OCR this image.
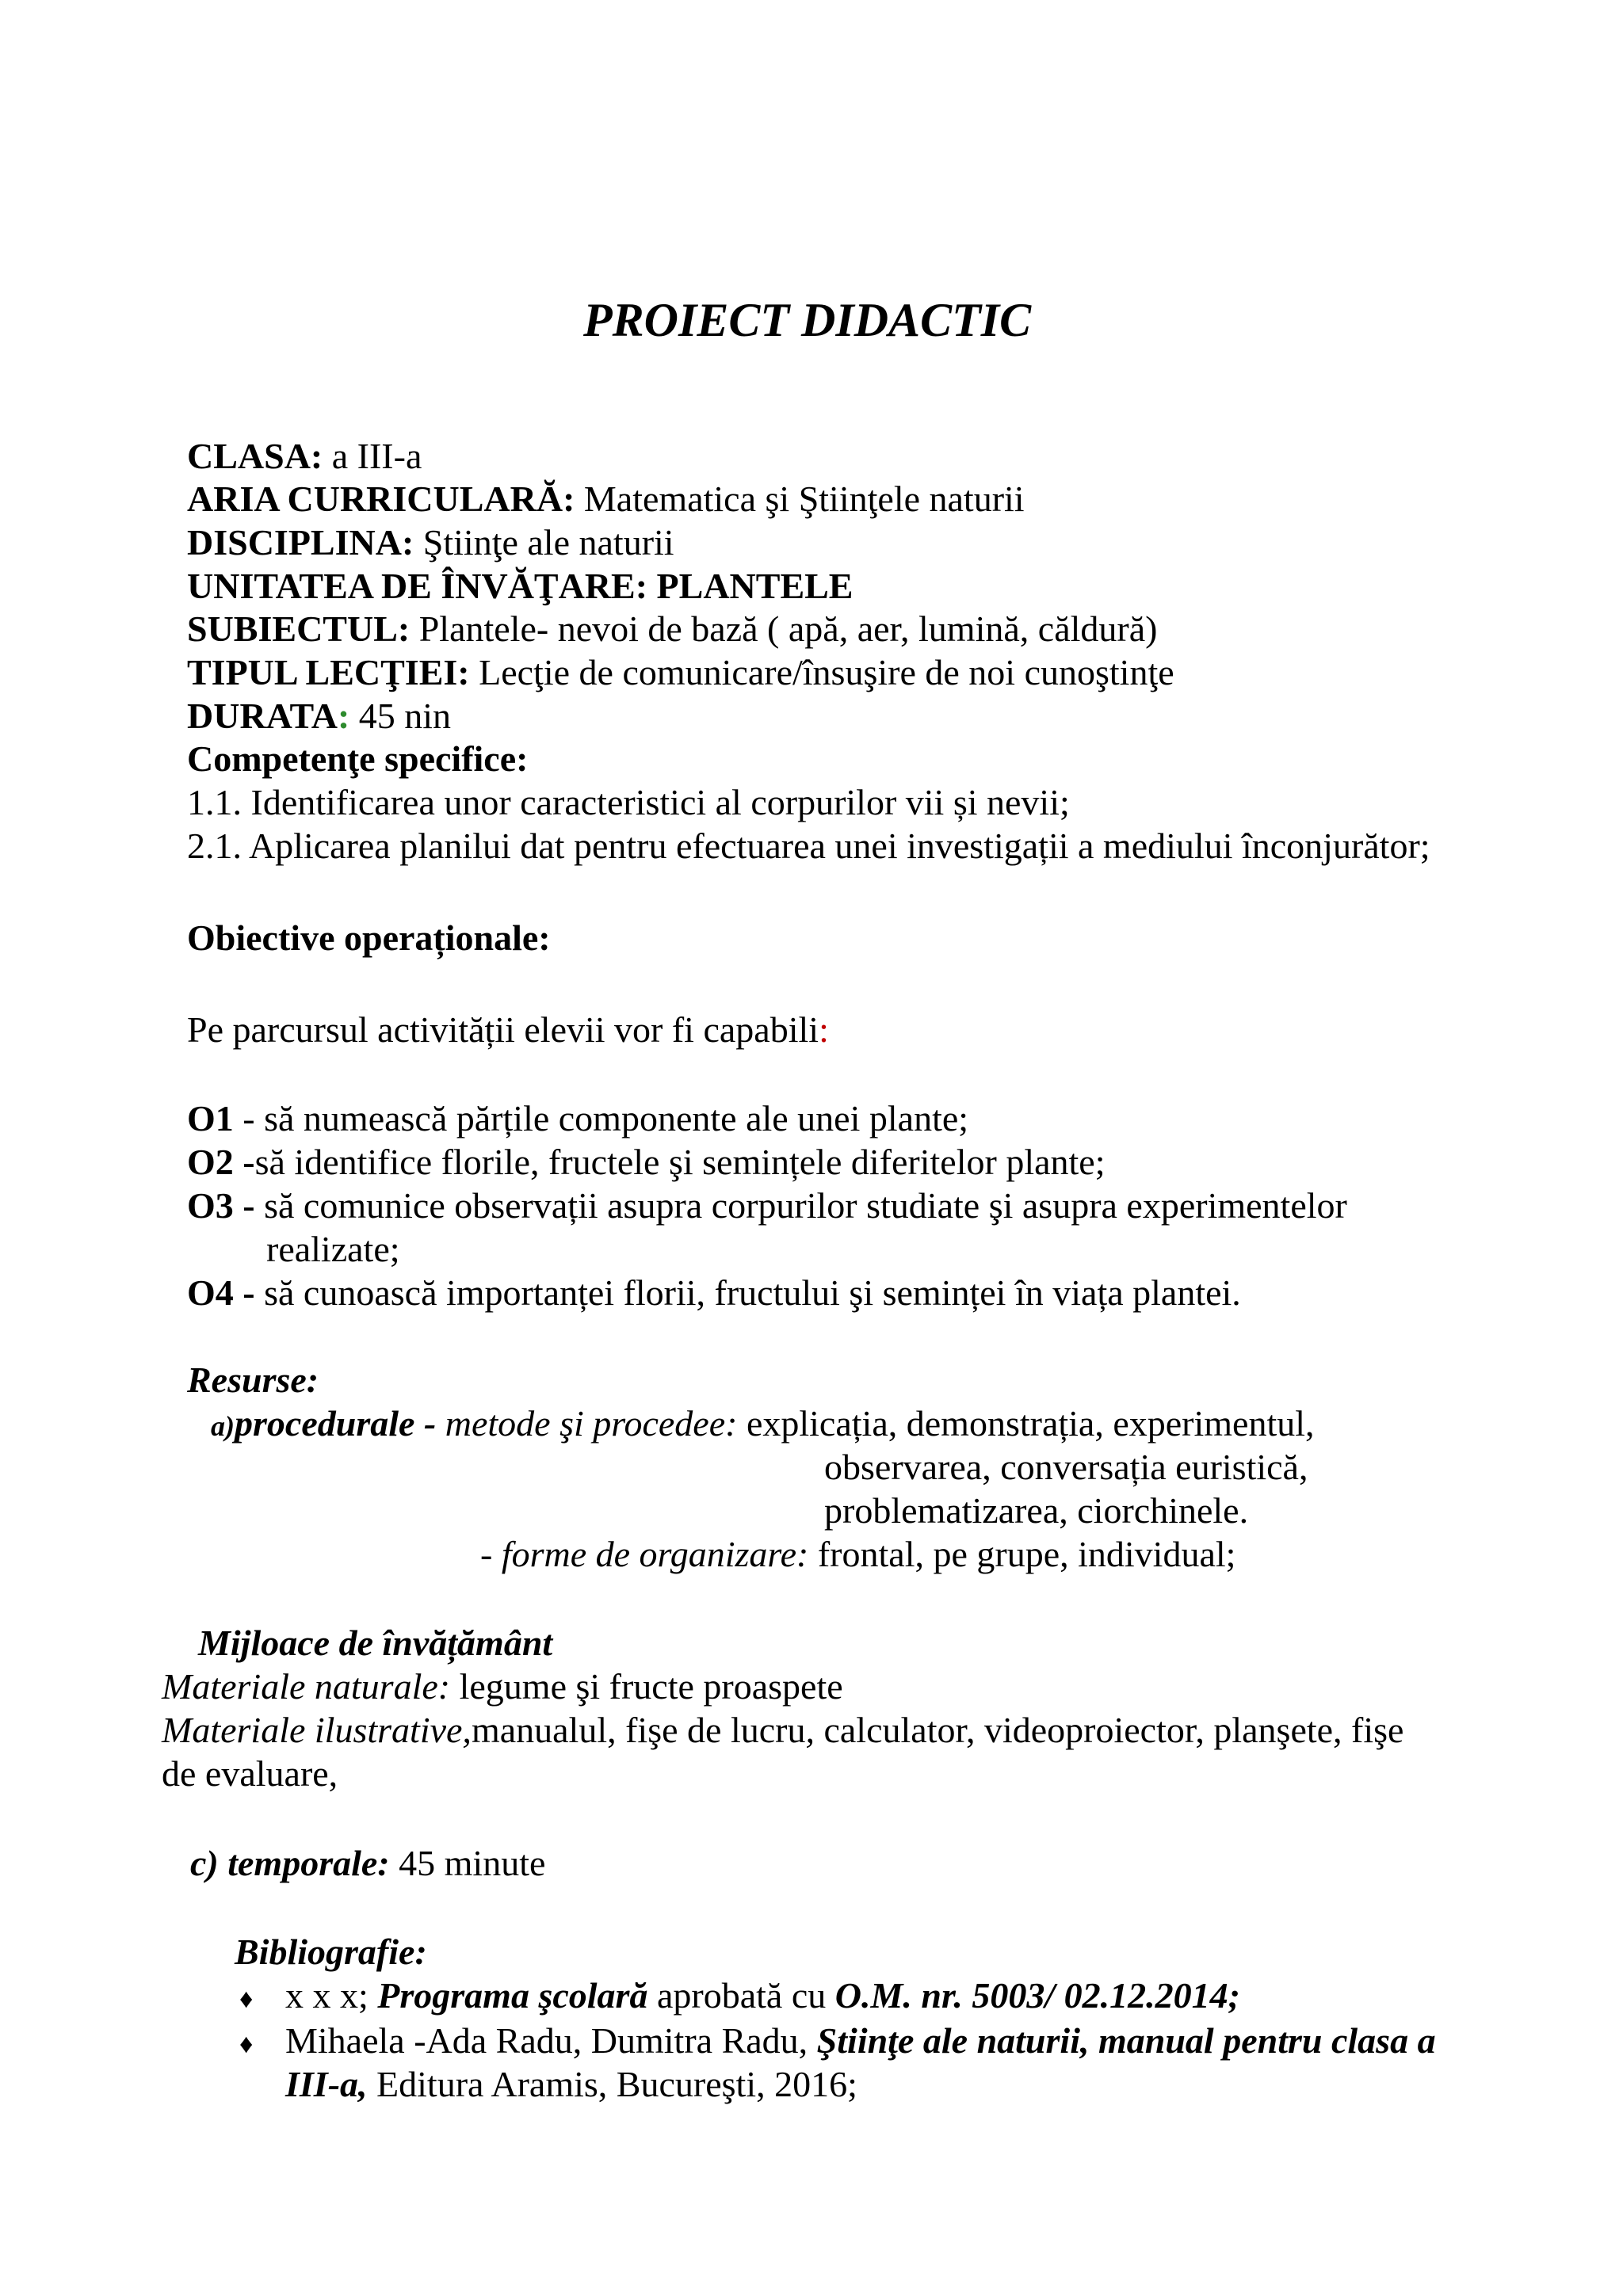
PROIECT DIDACTIC
CLASA: a III-a
ARIA CURRICULARĂ: Matematica şi Ştiinţele naturii
DISCIPLINA: Ştiinţe ale naturii
UNITATEA DE ÎNVĂŢARE: PLANTELE
SUBIECTUL: Plantele- nevoi de bază ( apă, aer, lumină, căldură)
TIPUL LECŢIEI: Lecţie de comunicare/însuşire de noi cunoştinţe
DURATA: 45 nin
Competenţe specifice:
1.1. Identificarea unor caracteristici al corpurilor vii și nevii;
2.1. Aplicarea planilui dat pentru efectuarea unei investigații a mediului înconjurător;
Obiective operaționale:
Pe parcursul activității elevii vor fi capabili:
O1 - să numească părțile componente ale unei plante;
O2 -să identifice florile, fructele şi semințele diferitelor plante;
O3 - să comunice observații asupra corpurilor studiate şi asupra experimentelor
realizate;
O4 - să cunoască importanței florii, fructului şi seminței în viața plantei.
Resurse:
a)procedurale - metode şi procedee: explicația, demonstrația, experimentul,
observarea, conversația euristică,
problematizarea, ciorchinele.
- forme de organizare: frontal, pe grupe, individual;
Mijloace de învățământ
Materiale naturale: legume şi fructe proaspete
Materiale ilustrative,manualul, fişe de lucru, calculator, videoproiector, planşete, fişe
de evaluare,
c) temporale: 45 minute
Bibliografie:
♦ x x x; Programa şcolară aprobată cu O.M. nr. 5003/ 02.12.2014;
♦ Mihaela -Ada Radu, Dumitra Radu, Ştiinţe ale naturii, manual pentru clasa a
III-a, Editura Aramis, Bucureşti, 2016;
